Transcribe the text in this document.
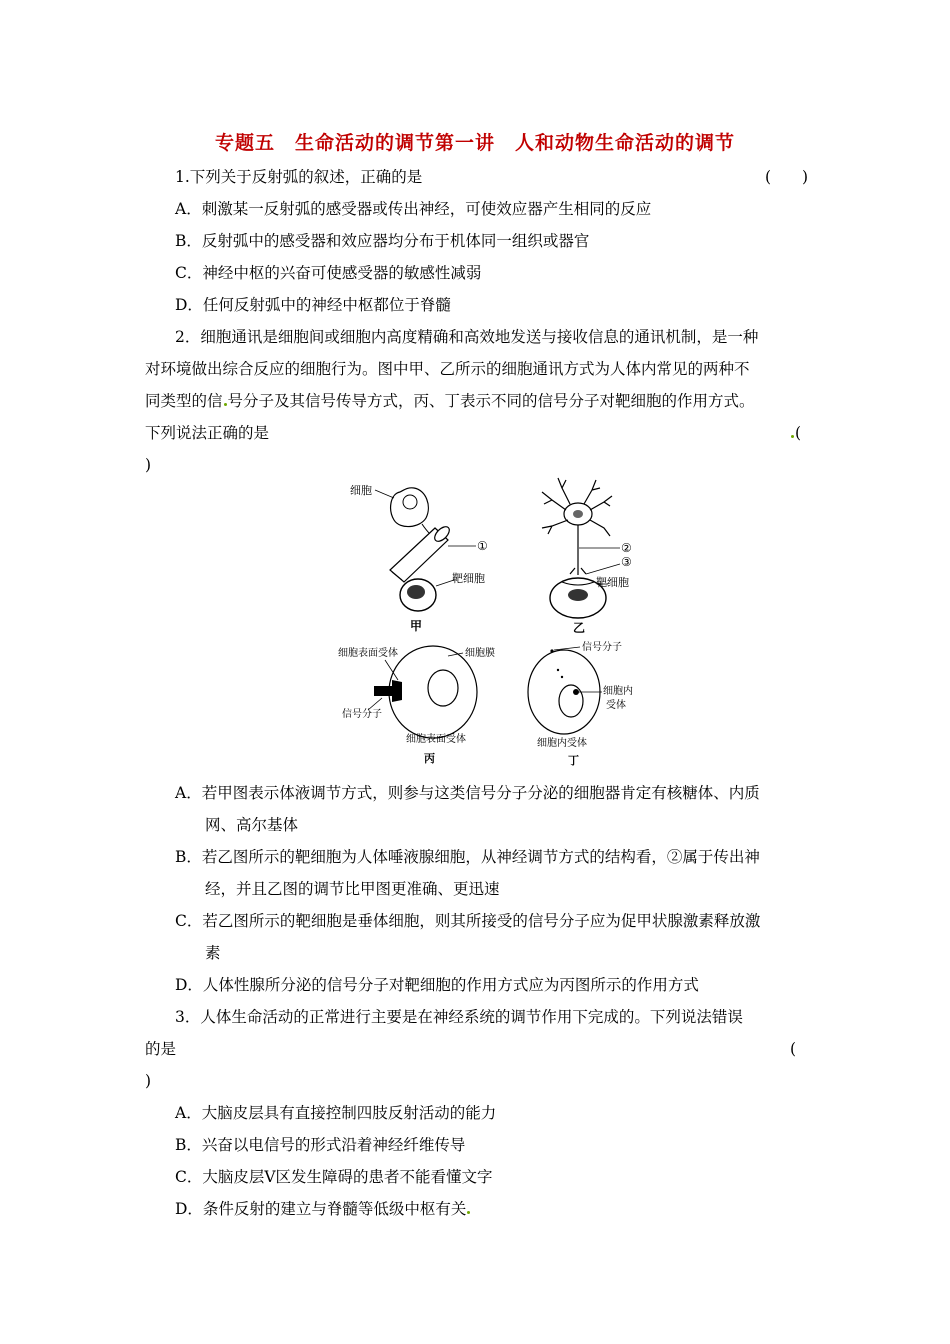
专题五　生命活动的调节第一讲　人和动物生命活动的调节
1.下列关于反射弧的叙述，正确的是	(　　)
A．刺激某一反射弧的感受器或传出神经，可使效应器产生相同的反应
B．反射弧中的感受器和效应器均分布于机体同一组织或器官
C．神经中枢的兴奋可使感受器的敏感性减弱
D．任何反射弧中的神经中枢都位于脊髓
2．细胞通讯是细胞间或细胞内高度精确和高效地发送与接收信息的通讯机制，是一种
对环境做出综合反应的细胞行为。图中甲、乙所示的细胞通讯方式为人体内常见的两种不
同类型的信 号分子及其信号传导方式，丙、丁表示不同的信号分子对靶细胞的作用方式。
下列说法正确的是	(
)
细胞
①
靶细胞
甲
②
③
靶细胞
乙
细胞表面受体	细胞膜
信号分子
细胞表面受体
丙
信号分子
细胞内
受体
细胞内受体
丁
A．若甲图表示体液调节方式，则参与这类信号分子分泌的细胞器肯定有核糖体、内质
网、高尔基体
B．若乙图所示的靶细胞为人体唾液腺细胞，从神经调节方式的结构看，②属于传出神
经，并且乙图的调节比甲图更准确、更迅速
C．若乙图所示的靶细胞是垂体细胞，则其所接受的信号分子应为促甲状腺激素释放激
素
D．人体性腺所分泌的信号分子对靶细胞的作用方式应为丙图所示的作用方式
3．人体生命活动的正常进行主要是在神经系统的调节作用下完成的。下列说法错误
的是	(
)
A．大脑皮层具有直接控制四肢反射活动的能力
B．兴奋以电信号的形式沿着神经纤维传导
C．大脑皮层Ⅴ区发生障碍的患者不能看懂文字
D．条件反射的建立与脊髓等低级中枢有关
